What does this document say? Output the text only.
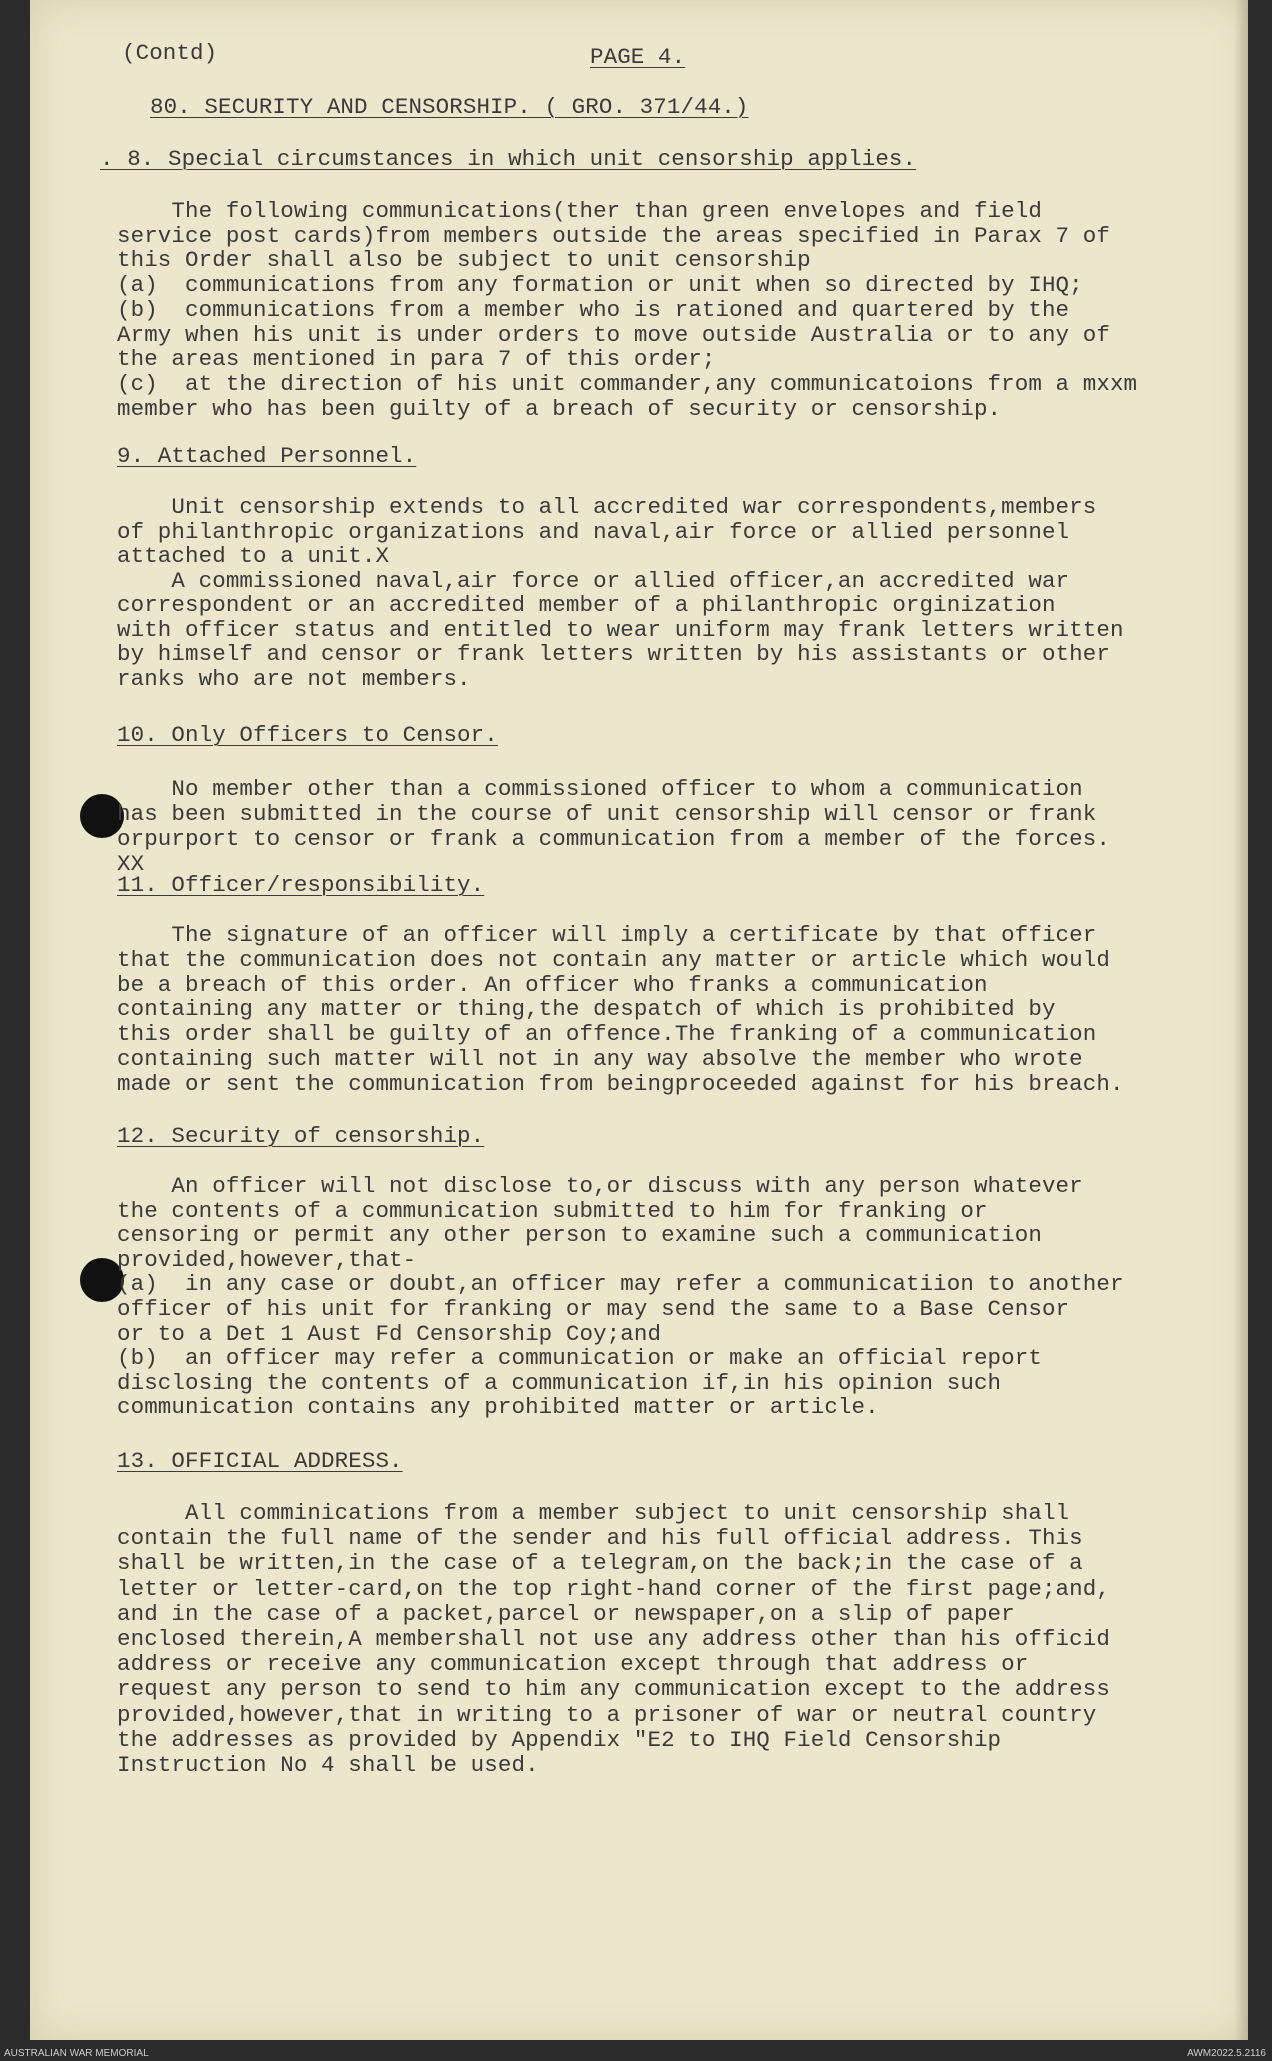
(Contd)	PAGE 4.
80. SECURITY AND CENSORSHIP. ( GRO. 371/44.)
. 8. Special circumstances in which unit censorship applies.
The following communications(ther than green envelopes and field
service post cards)from members outside the areas specified in Parax 7 of
this Order shall also be subject to unit censorship
(a)  communications from any formation or unit when so directed by IHQ;
(b)  communications from a member who is rationed and quartered by the
Army when his unit is under orders to move outside Australia or to any of
the areas mentioned in para 7 of this order;
(c)  at the direction of his unit commander,any communicatoions from a mxxm
member who has been guilty of a breach of security or censorship.
9. Attached Personnel.
Unit censorship extends to all accredited war correspondents,members
of philanthropic organizations and naval,air force or allied personnel
attached to a unit.X
A commissioned naval,air force or allied officer,an accredited war
correspondent or an accredited member of a philanthropic orginization
with officer status and entitled to wear uniform may frank letters written
by himself and censor or frank letters written by his assistants or other
ranks who are not members.
10. Only Officers to Censor.
No member other than a commissioned officer to whom a communication
has been submitted in the course of unit censorship will censor or frank
orpurport to censor or frank a communication from a member of the forces.
XX
11. Officer/responsibility.
The signature of an officer will imply a certificate by that officer
that the communication does not contain any matter or article which would
be a breach of this order. An officer who franks a communication
containing any matter or thing,the despatch of which is prohibited by
this order shall be guilty of an offence.The franking of a communication
containing such matter will not in any way absolve the member who wrote
made or sent the communication from beingproceeded against for his breach.
12. Security of censorship.
An officer will not disclose to,or discuss with any person whatever
the contents of a communication submitted to him for franking or
censoring or permit any other person to examine such a communication
provided,however,that-
(a)  in any case or doubt,an officer may refer a communicatiion to another
officer of his unit for franking or may send the same to a Base Censor
or to a Det 1 Aust Fd Censorship Coy;and
(b)  an officer may refer a communication or make an official report
disclosing the contents of a communication if,in his opinion such
communication contains any prohibited matter or article.
13. OFFICIAL ADDRESS.
All comminications from a member subject to unit censorship shall
contain the full name of the sender and his full official address. This
shall be written,in the case of a telegram,on the back;in the case of a
letter or letter-card,on the top right-hand corner of the first page;and,
and in the case of a packet,parcel or newspaper,on a slip of paper
enclosed therein,A membershall not use any address other than his officid
address or receive any communication except through that address or
request any person to send to him any communication except to the address
provided,however,that in writing to a prisoner of war or neutral country
the addresses as provided by Appendix "E2 to IHQ Field Censorship
Instruction No 4 shall be used.
AUSTRALIAN WAR MEMORIAL	AWM2022.5.2116
